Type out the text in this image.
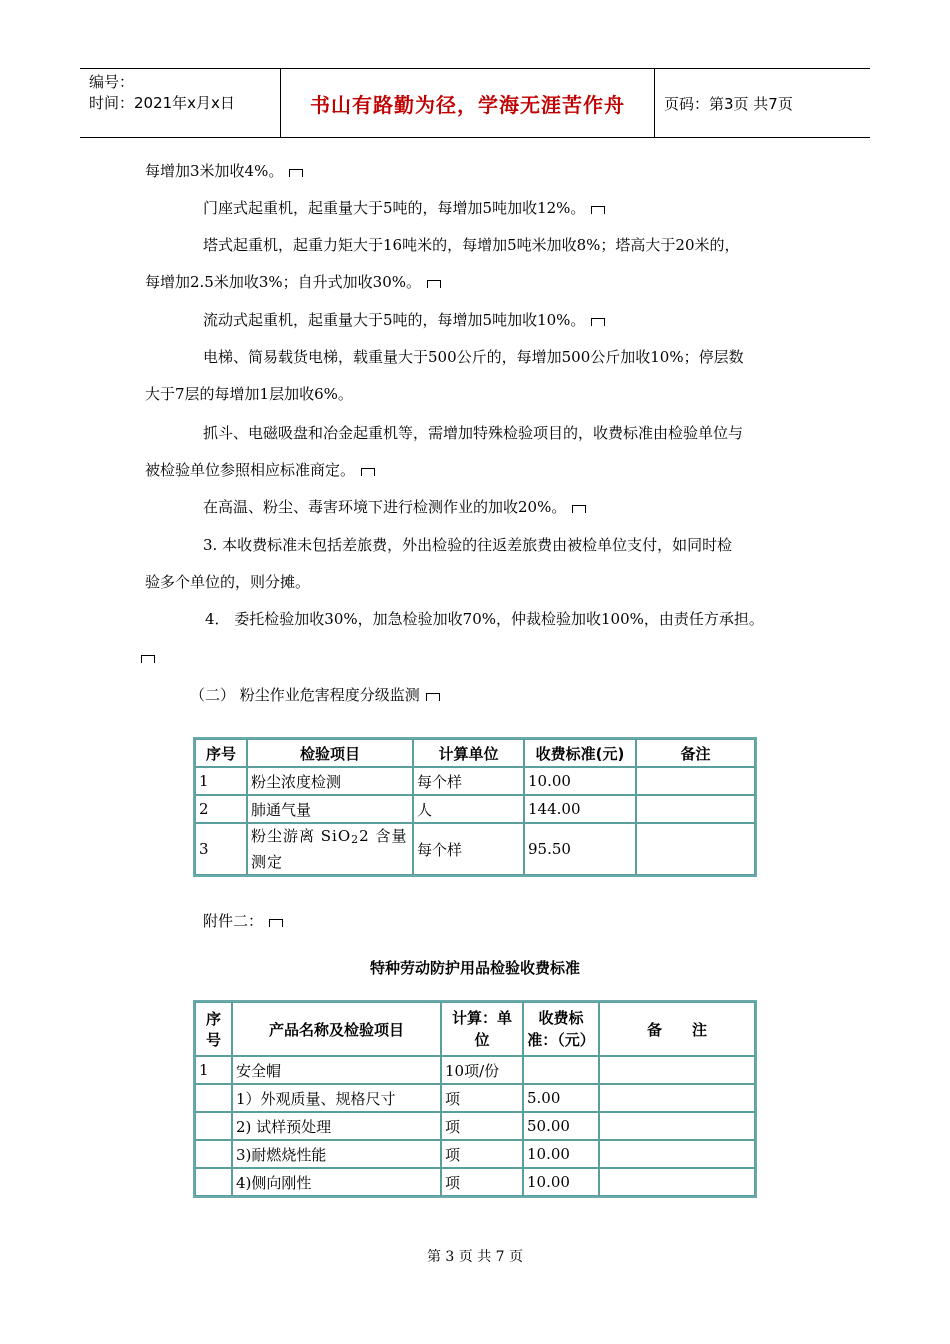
编号：
时间：2021年x月x日	书山有路勤为径，学海无涯苦作舟	页码：第3页 共7页
每增加3米加收4%。
门座式起重机，起重量大于5吨的，每增加5吨加收12%。
塔式起重机，起重力矩大于16吨米的，每增加5吨米加收8%；塔高大于20米的，
每增加2.5米加收3%；自升式加收30%。
流动式起重机，起重量大于5吨的，每增加5吨加收10%。
电梯、简易载货电梯，载重量大于500公斤的，每增加500公斤加收10%；停层数
大于7层的每增加1层加收6%。
抓斗、电磁吸盘和冶金起重机等，需增加特殊检验项目的，收费标准由检验单位与
被检验单位参照相应标准商定。
在高温、粉尘、毒害环境下进行检测作业的加收20%。
3. 本收费标准未包括差旅费，外出检验的往返差旅费由被检单位支付，如同时检
验多个单位的，则分摊。
4． 委托检验加收30%，加急检验加收70%，仲裁检验加收100%，由责任方承担。
（二） 粉尘作业危害程度分级监测
序号	检验项目	计算单位	收费标准(元)	备注
1	粉尘浓度检测	每个样	10.00	
2	肺通气量	人	144.00	
3	粉尘游离 SiO22 含量测定	每个样	95.50	
附件二：
特种劳动防护用品检验收费标准
序号	产品名称及检验项目	计算：单位	收费标准：（元）	备　　注
1	安全帽	10项/份		
	1）外观质量、规格尺寸	项	5.00	
	2) 试样预处理	项	50.00	
	3)耐燃烧性能	项	10.00	
	4)侧向刚性	项	10.00	
第 3 页 共 7 页
